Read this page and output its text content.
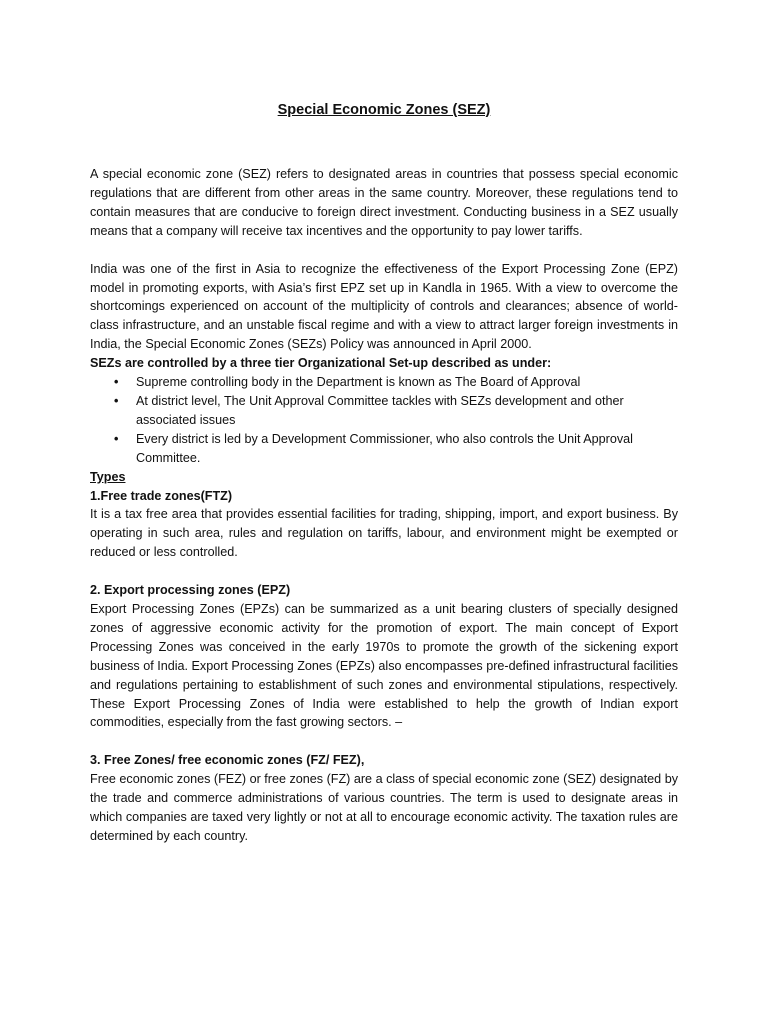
Special Economic Zones (SEZ)

A special economic zone (SEZ) refers to designated areas in countries that possess special economic regulations that are different from other areas in the same country. Moreover, these regulations tend to contain measures that are conducive to foreign direct investment. Conducting business in a SEZ usually means that a company will receive tax incentives and the opportunity to pay lower tariffs.

India was one of the first in Asia to recognize the effectiveness of the Export Processing Zone (EPZ) model in promoting exports, with Asia’s first EPZ set up in Kandla in 1965. With a view to overcome the shortcomings experienced on account of the multiplicity of controls and clearances; absence of world-class infrastructure, and an unstable fiscal regime and with a view to attract larger foreign investments in India, the Special Economic Zones (SEZs) Policy was announced in April 2000.

SEZs are controlled by a three tier Organizational Set-up described as under:

• Supreme controlling body in the Department is known as The Board of Approval
• At district level, The Unit Approval Committee tackles with SEZs development and other associated issues
• Every district is led by a Development Commissioner, who also controls the Unit Approval Committee.

Types

1.Free trade zones(FTZ)

It is a tax free area that provides essential facilities for trading, shipping, import, and export business. By operating in such area, rules and regulation on tariffs, labour, and environment might be exempted or reduced or less controlled.

2. Export processing zones (EPZ)

Export Processing Zones (EPZs) can be summarized as a unit bearing clusters of specially designed zones of aggressive economic activity for the promotion of export. The main concept of Export Processing Zones was conceived in the early 1970s to promote the growth of the sickening export business of India. Export Processing Zones (EPZs) also encompasses pre-defined infrastructural facilities and regulations pertaining to establishment of such zones and environmental stipulations, respectively. These Export Processing Zones of India were established to help the growth of Indian export commodities, especially from the fast growing sectors. –

3. Free Zones/ free economic zones (FZ/ FEZ),

Free economic zones (FEZ) or free zones (FZ) are a class of special economic zone (SEZ) designated by the trade and commerce administrations of various countries. The term is used to designate areas in which companies are taxed very lightly or not at all to encourage economic activity. The taxation rules are determined by each country.
